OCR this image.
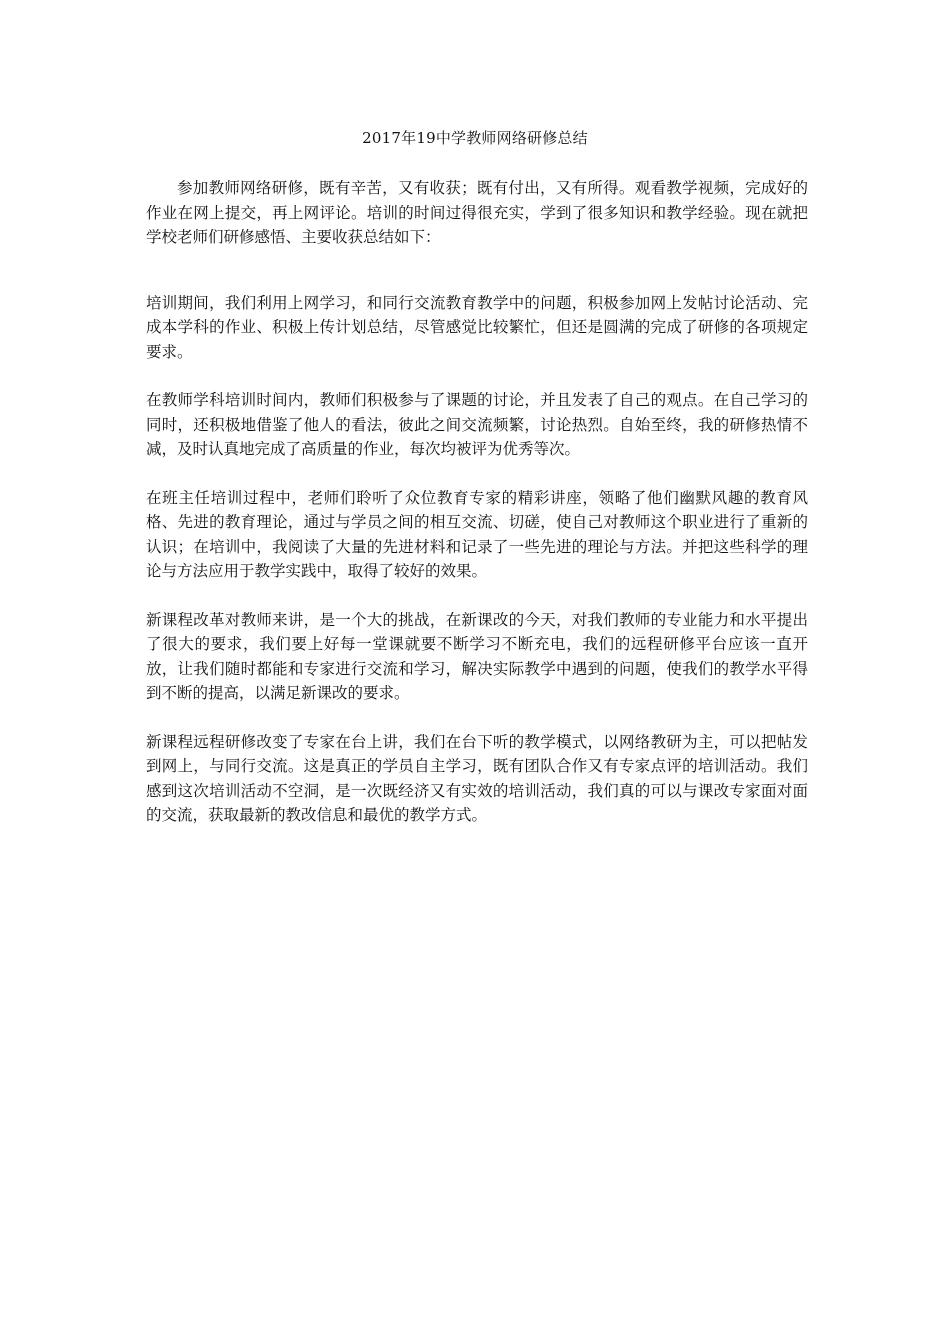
2017年19中学教师网络研修总结

参加教师网络研修，既有辛苦，又有收获；既有付出，又有所得。观看教学视频，完成好的作业在网上提交，再上网评论。培训的时间过得很充实，学到了很多知识和教学经验。现在就把学校老师们研修感悟、主要收获总结如下：

培训期间，我们利用上网学习，和同行交流教育教学中的问题，积极参加网上发帖讨论活动、完成本学科的作业、积极上传计划总结，尽管感觉比较繁忙，但还是圆满的完成了研修的各项规定要求。

在教师学科培训时间内，教师们积极参与了课题的讨论，并且发表了自己的观点。在自己学习的同时，还积极地借鉴了他人的看法，彼此之间交流频繁，讨论热烈。自始至终，我的研修热情不减，及时认真地完成了高质量的作业，每次均被评为优秀等次。

在班主任培训过程中，老师们聆听了众位教育专家的精彩讲座，领略了他们幽默风趣的教育风格、先进的教育理论，通过与学员之间的相互交流、切磋，使自己对教师这个职业进行了重新的认识；在培训中，我阅读了大量的先进材料和记录了一些先进的理论与方法。并把这些科学的理论与方法应用于教学实践中，取得了较好的效果。

新课程改革对教师来讲，是一个大的挑战，在新课改的今天，对我们教师的专业能力和水平提出了很大的要求，我们要上好每一堂课就要不断学习不断充电，我们的远程研修平台应该一直开放，让我们随时都能和专家进行交流和学习，解决实际教学中遇到的问题，使我们的教学水平得到不断的提高，以满足新课改的要求。

新课程远程研修改变了专家在台上讲，我们在台下听的教学模式，以网络教研为主，可以把帖发到网上，与同行交流。这是真正的学员自主学习，既有团队合作又有专家点评的培训活动。我们感到这次培训活动不空洞，是一次既经济又有实效的培训活动，我们真的可以与课改专家面对面的交流，获取最新的教改信息和最优的教学方式。
